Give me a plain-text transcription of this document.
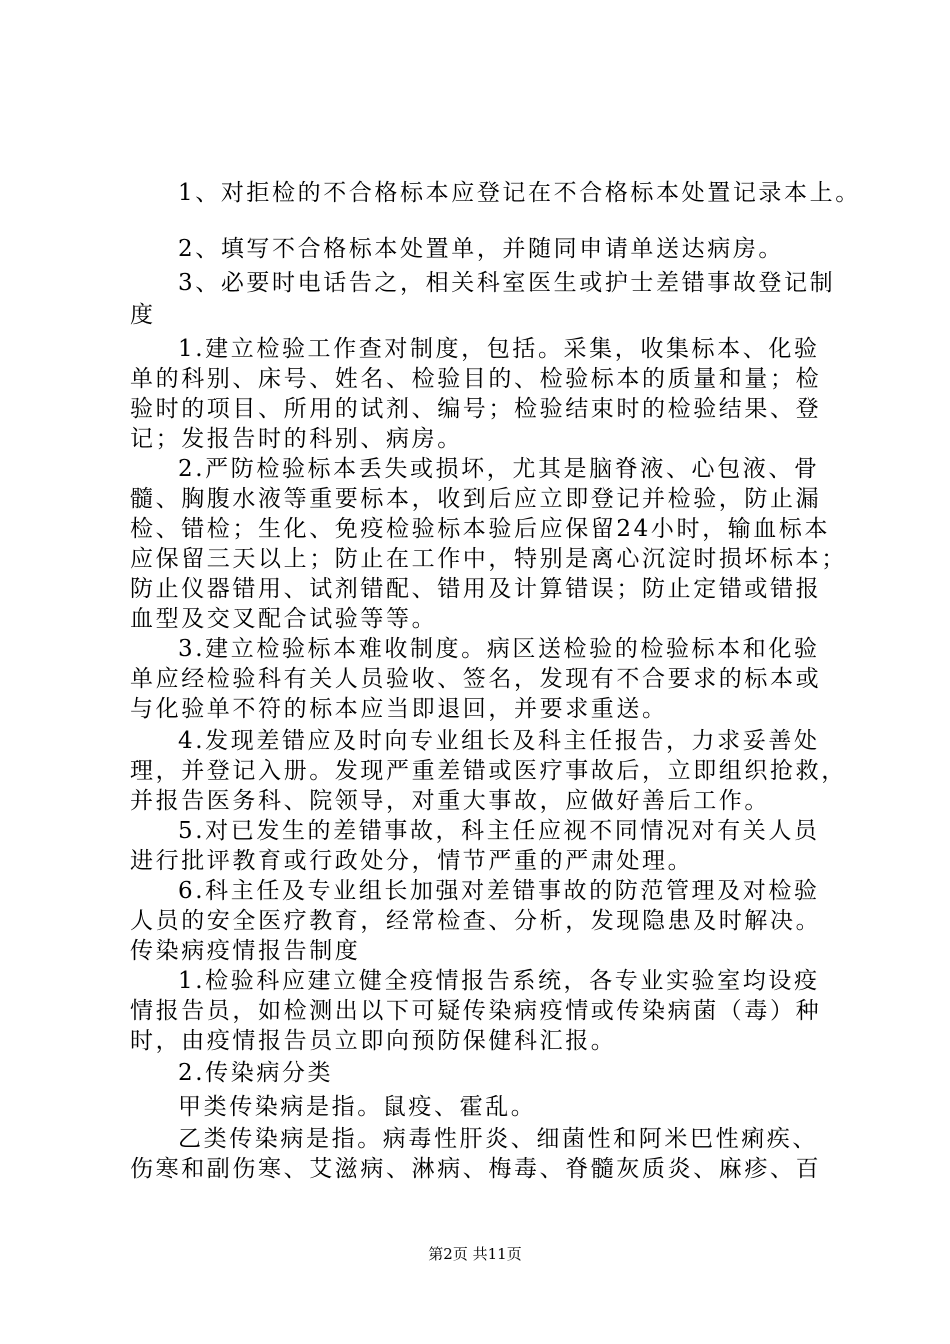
1、对拒检的不合格标本应登记在不合格标本处置记录本上。
2、填写不合格标本处置单，并随同申请单送达病房。
3、必要时电话告之，相关科室医生或护士差错事故登记制
度
1.建立检验工作查对制度，包括。采集，收集标本、化验
单的科别、床号、姓名、检验目的、检验标本的质量和量；检
验时的项目、所用的试剂、编号；检验结束时的检验结果、登
记；发报告时的科别、病房。
2.严防检验标本丢失或损坏，尤其是脑脊液、心包液、骨
髓、胸腹水液等重要标本，收到后应立即登记并检验，防止漏
检、错检；生化、免疫检验标本验后应保留24小时，输血标本
应保留三天以上；防止在工作中，特别是离心沉淀时损坏标本；
防止仪器错用、试剂错配、错用及计算错误；防止定错或错报
血型及交叉配合试验等等。
3.建立检验标本难收制度。病区送检验的检验标本和化验
单应经检验科有关人员验收、签名，发现有不合要求的标本或
与化验单不符的标本应当即退回，并要求重送。
4.发现差错应及时向专业组长及科主任报告，力求妥善处
理，并登记入册。发现严重差错或医疗事故后，立即组织抢救，
并报告医务科、院领导，对重大事故，应做好善后工作。
5.对已发生的差错事故，科主任应视不同情况对有关人员
进行批评教育或行政处分，情节严重的严肃处理。
6.科主任及专业组长加强对差错事故的防范管理及对检验
人员的安全医疗教育，经常检查、分析，发现隐患及时解决。
传染病疫情报告制度
1.检验科应建立健全疫情报告系统，各专业实验室均设疫
情报告员，如检测出以下可疑传染病疫情或传染病菌（毒）种
时，由疫情报告员立即向预防保健科汇报。
2.传染病分类
甲类传染病是指。鼠疫、霍乱。
乙类传染病是指。病毒性肝炎、细菌性和阿米巴性痢疾、
伤寒和副伤寒、艾滋病、淋病、梅毒、脊髓灰质炎、麻疹、百
第2页 共11页
